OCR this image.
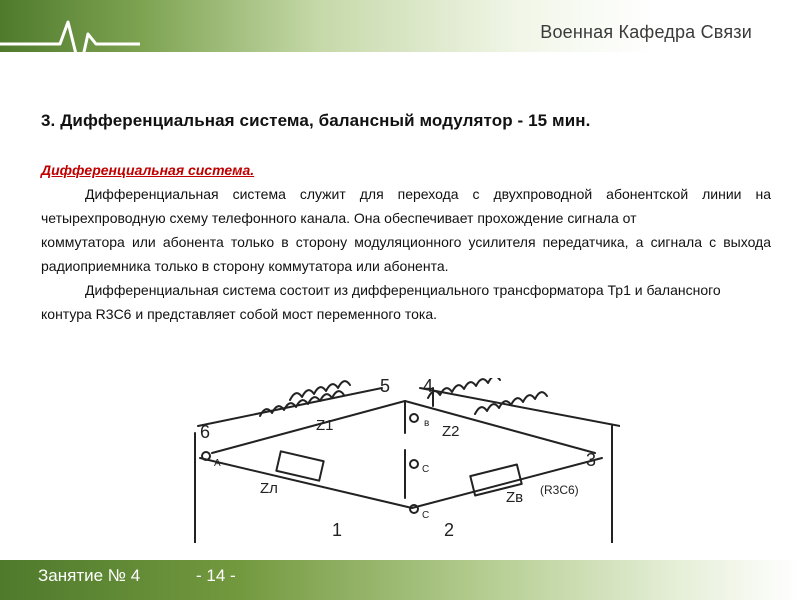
Военная Кафедра Связи
3. Дифференциальная система, балансный модулятор - 15 мин.
Дифференциальная система.

Дифференциальная система служит для перехода с двухпроводной абонентской линии на четырехпроводную схему телефонного канала. Она обеспечивает прохождение сигнала от

коммутатора или абонента только в сторону модуляционного усилителя передатчика, а сигнала с выхода радиоприемника только в сторону коммутатора или абонента.

Дифференциальная система состоит из дифференциального трансформатора Тр1 и балансного контура R3C6 и представляет собой мост переменного тока.

5 4
6
3
1	2
Z1	Z2
Zл
Zв (R3C6)
А
в
С
С
Занятие № 4	- 14 -
